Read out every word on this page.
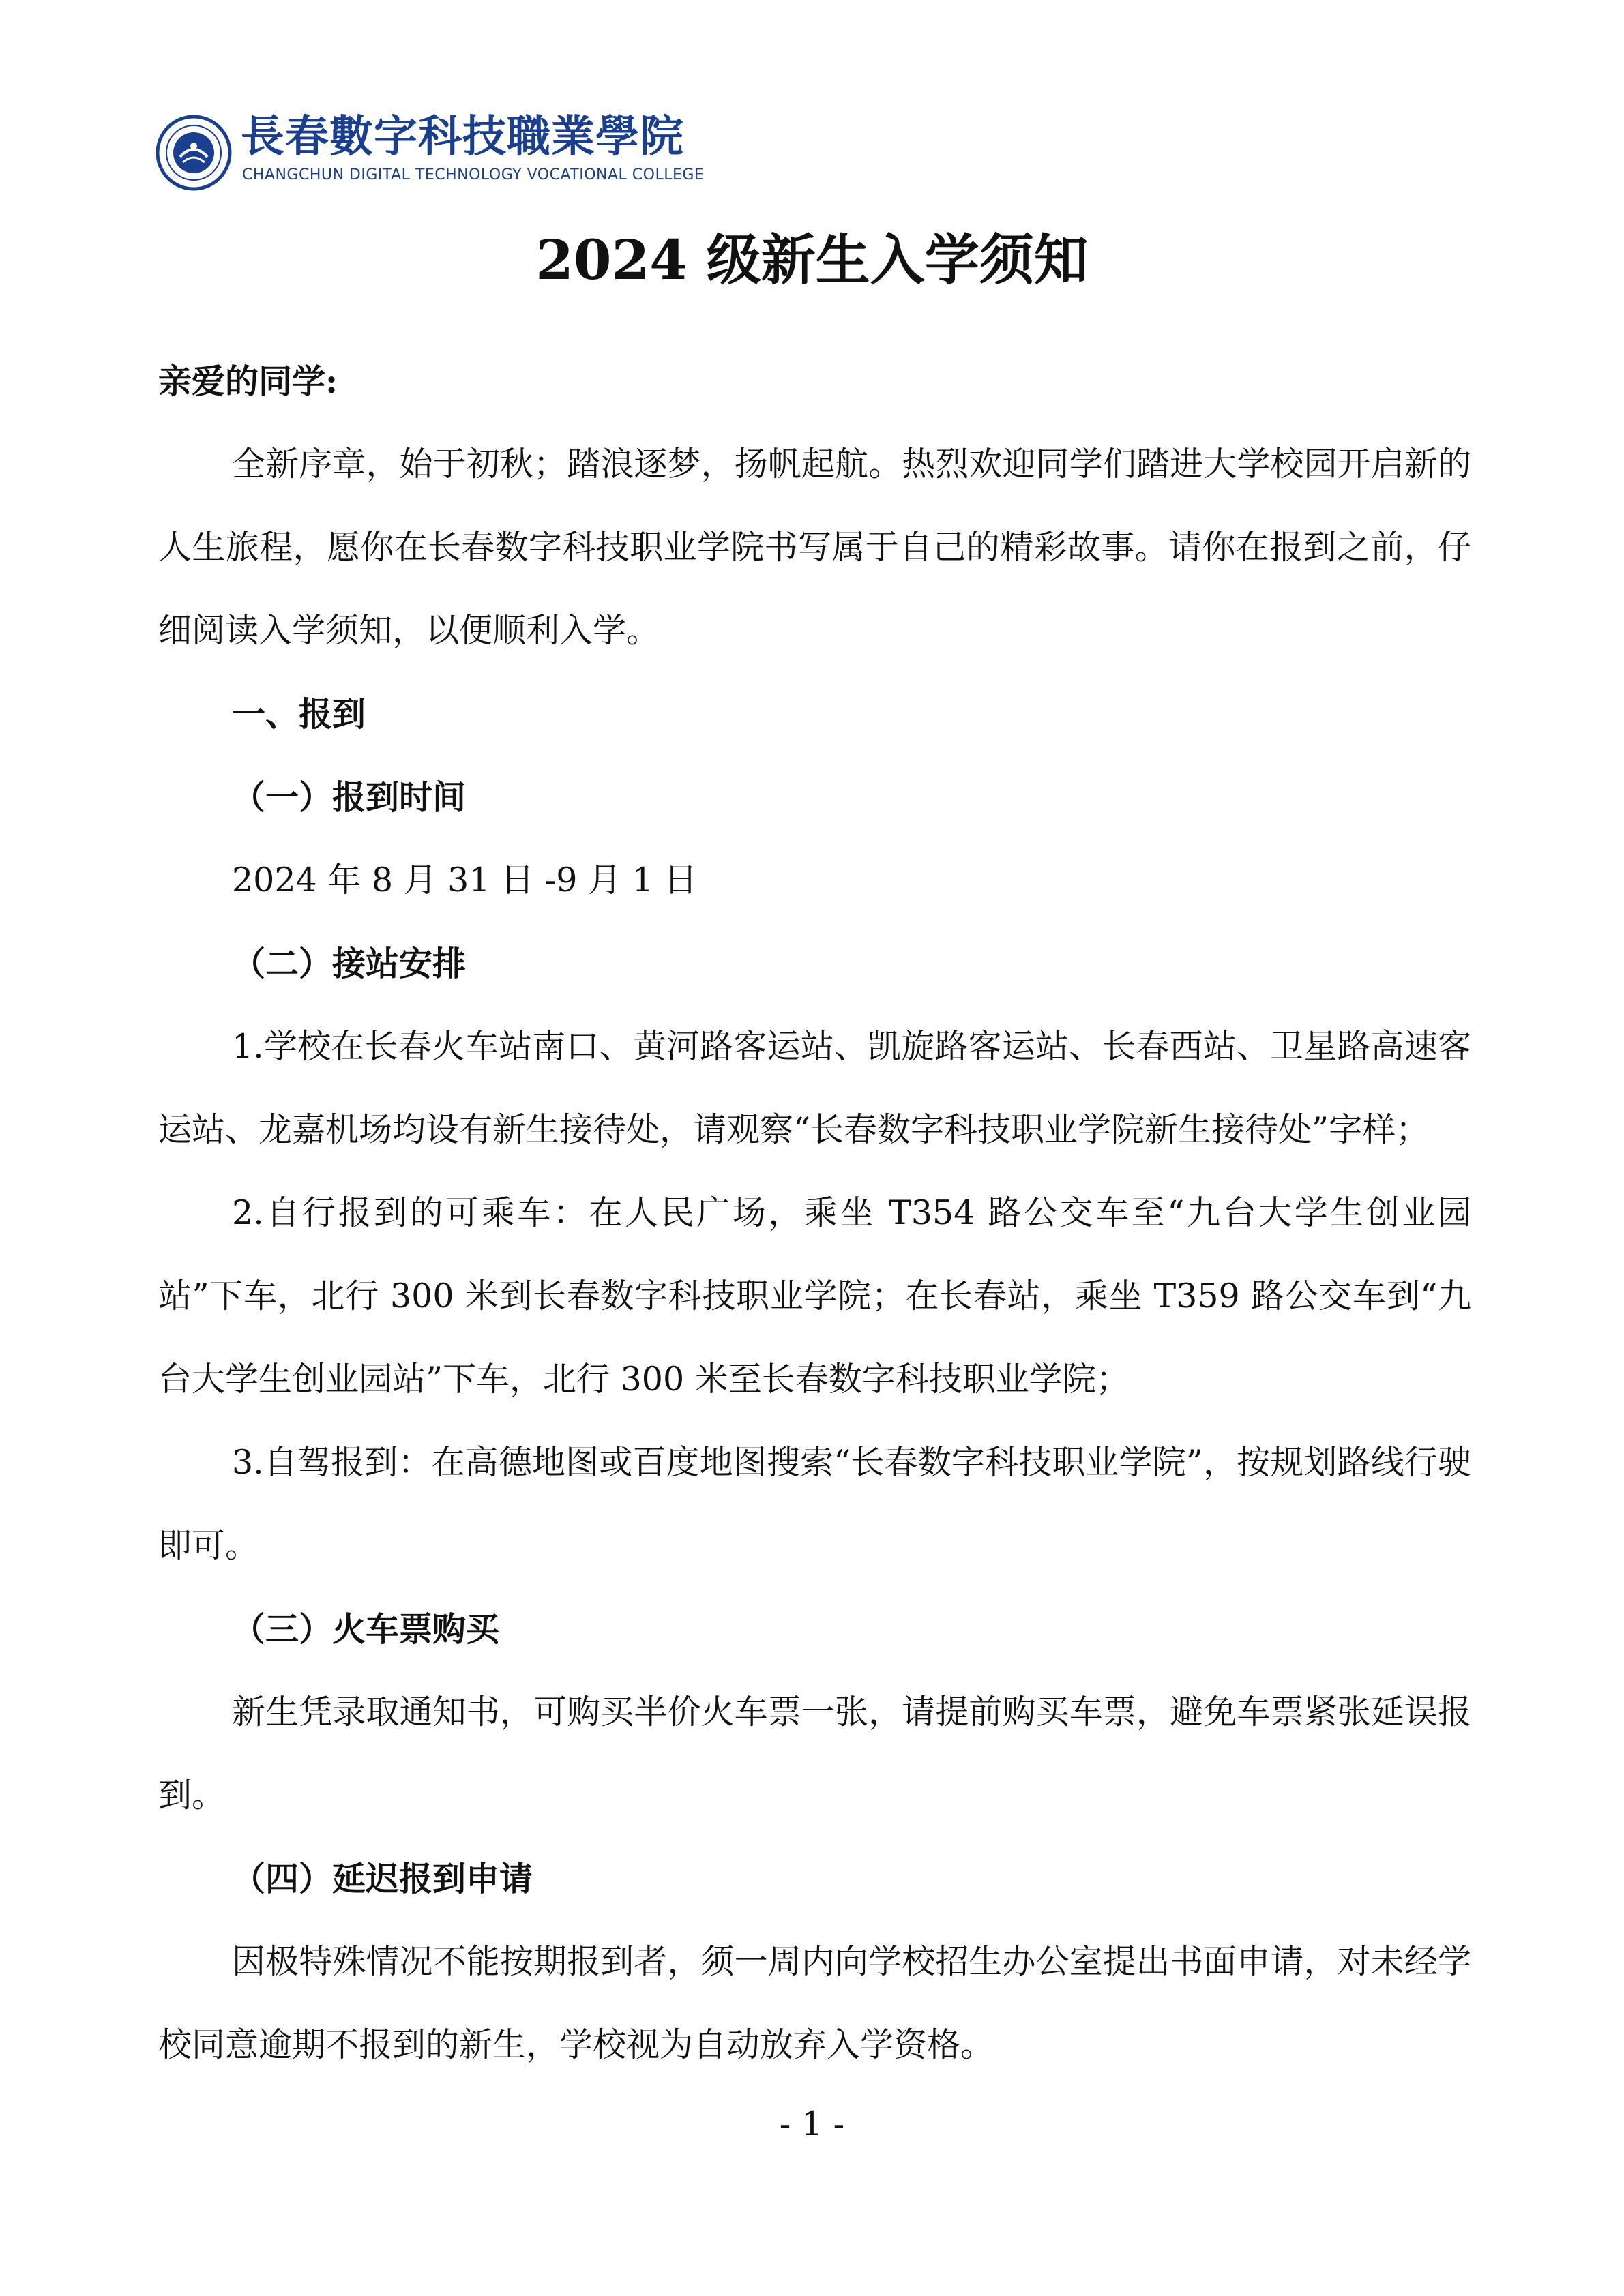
長春數字科技職業學院
CHANGCHUN DIGITAL TECHNOLOGY VOCATIONAL COLLEGE
2024 级新生入学须知

亲爱的同学:

全新序章，始于初秋；踏浪逐梦，扬帆起航。热烈欢迎同学们踏进大学校园开启新的人生旅程，愿你在长春数字科技职业学院书写属于自己的精彩故事。请你在报到之前，仔细阅读入学须知，以便顺利入学。

一、报到

（一）报到时间

2024 年 8 月 31 日 -9 月 1 日

（二）接站安排

1.学校在长春火车站南口、黄河路客运站、凯旋路客运站、长春西站、卫星路高速客运站、龙嘉机场均设有新生接待处，请观察“长春数字科技职业学院新生接待处”字样；

2.自行报到的可乘车：在人民广场，乘坐 T354 路公交车至“九台大学生创业园站”下车，北行 300 米到长春数字科技职业学院；在长春站，乘坐 T359 路公交车到“九台大学生创业园站”下车，北行 300 米至长春数字科技职业学院；

3.自驾报到：在高德地图或百度地图搜索“长春数字科技职业学院”，按规划路线行驶即可。

（三）火车票购买

新生凭录取通知书，可购买半价火车票一张，请提前购买车票，避免车票紧张延误报到。

（四）延迟报到申请

因极特殊情况不能按期报到者，须一周内向学校招生办公室提出书面申请，对未经学校同意逾期不报到的新生，学校视为自动放弃入学资格。

- 1 -
